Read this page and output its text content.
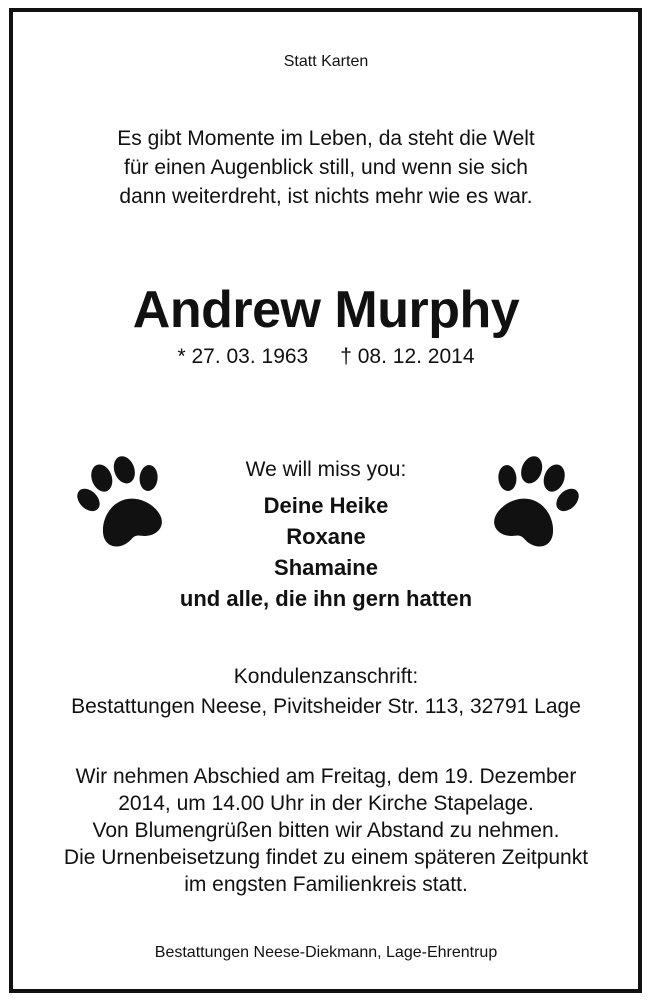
Statt Karten
Es gibt Momente im Leben, da steht die Welt
für einen Augenblick still, und wenn sie sich
dann weiterdreht, ist nichts mehr wie es war.
Andrew Murphy
* 27. 03. 1963 † 08. 12. 2014
We will miss you:
Deine Heike
Roxane
Shamaine
und alle, die ihn gern hatten
Kondulenzanschrift:
Bestattungen Neese, Pivitsheider Str. 113, 32791 Lage
Wir nehmen Abschied am Freitag, dem 19. Dezember
2014, um 14.00 Uhr in der Kirche Stapelage.
Von Blumengrüßen bitten wir Abstand zu nehmen.
Die Urnenbeisetzung findet zu einem späteren Zeitpunkt
im engsten Familienkreis statt.
Bestattungen Neese-Diekmann, Lage-Ehrentrup
